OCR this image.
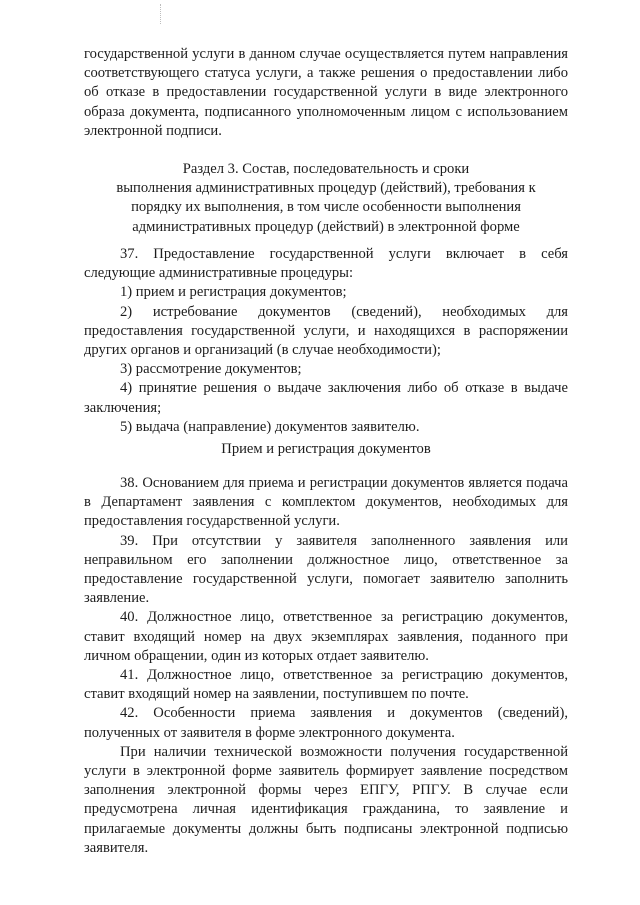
государственной услуги в данном случае осуществляется путем направления соответствующего статуса услуги, а также решения о предоставлении либо об отказе в предоставлении государственной услуги в виде электронного образа документа, подписанного уполномоченным лицом с использованием электронной подписи.

Раздел 3. Состав, последовательность и сроки
выполнения административных процедур (действий), требования к
порядку их выполнения, в том числе особенности выполнения
административных процедур (действий) в электронной форме

37. Предоставление государственной услуги включает в себя следующие административные процедуры:

1) прием и регистрация документов;

2) истребование документов (сведений), необходимых для предоставления государственной услуги, и находящихся в распоряжении других органов и организаций (в случае необходимости);

3) рассмотрение документов;

4) принятие решения о выдаче заключения либо об отказе в выдаче заключения;

5) выдача (направление) документов заявителю.

Прием и регистрация документов

38. Основанием для приема и регистрации документов является подача в Департамент заявления с комплектом документов, необходимых для предоставления государственной услуги.

39. При отсутствии у заявителя заполненного заявления или неправильном его заполнении должностное лицо, ответственное за предоставление государственной услуги, помогает заявителю заполнить заявление.

40. Должностное лицо, ответственное за регистрацию документов, ставит входящий номер на двух экземплярах заявления, поданного при личном обращении, один из которых отдает заявителю.

41. Должностное лицо, ответственное за регистрацию документов, ставит входящий номер на заявлении, поступившем по почте.

42. Особенности приема заявления и документов (сведений), полученных от заявителя в форме электронного документа.

При наличии технической возможности получения государственной услуги в электронной форме заявитель формирует заявление посредством заполнения электронной формы через ЕПГУ, РПГУ. В случае если предусмотрена личная идентификация гражданина, то заявление и прилагаемые документы должны быть подписаны электронной подписью заявителя.
